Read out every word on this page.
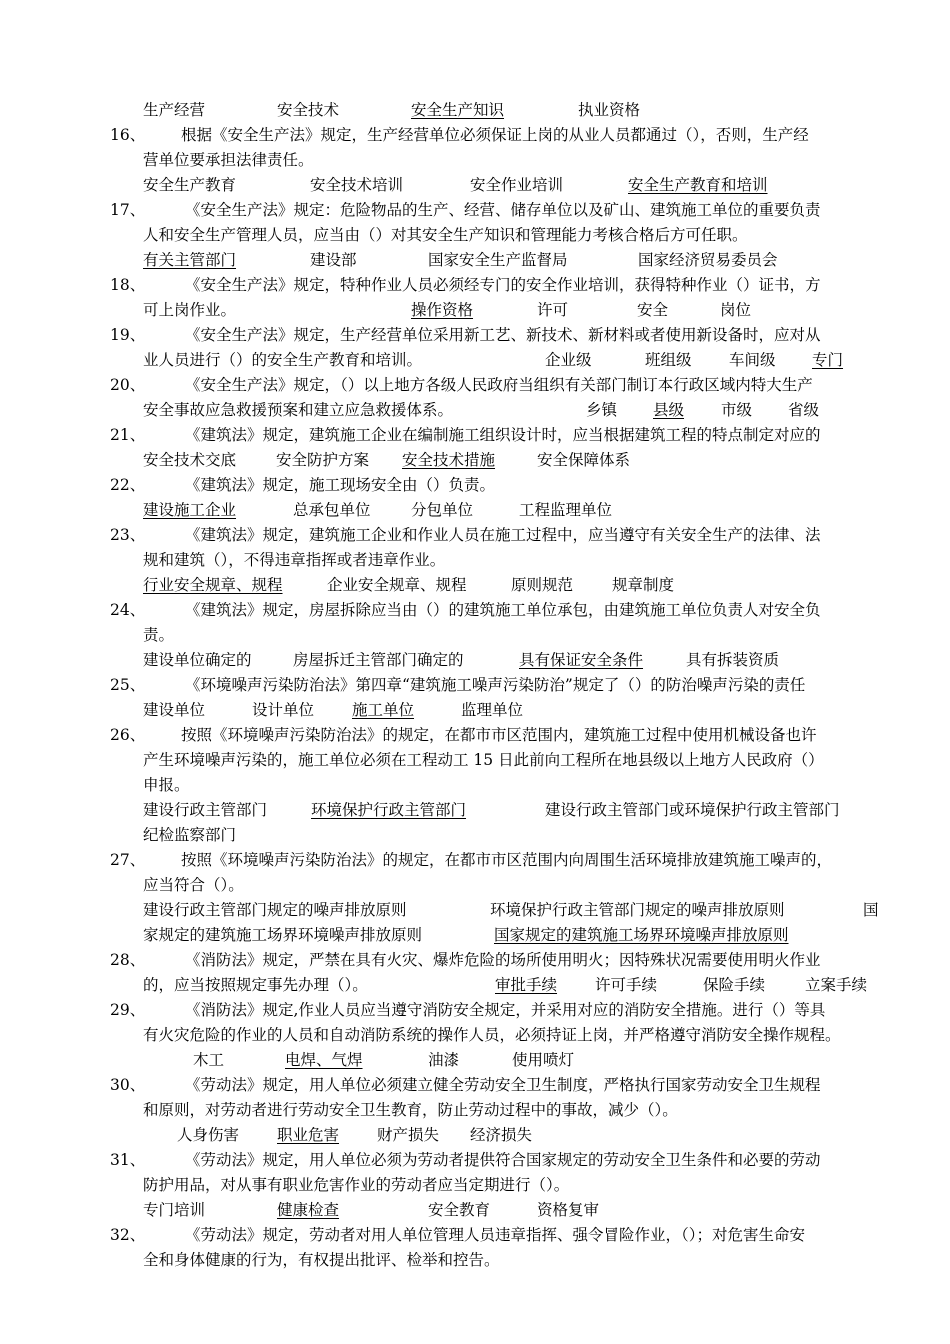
生产经营	安全技术	安全生产知识	执业资格
16、 根据《安全生产法》规定，生产经营单位必须保证上岗的从业人员都通过（），否则，生产经
营单位要承担法律责任。
安全生产教育	安全技术培训	安全作业培训	安全生产教育和培训
17、	《安全生产法》规定：危险物品的生产、经营、储存单位以及矿山、建筑施工单位的重要负责
人和安全生产管理人员，应当由（）对其安全生产知识和管理能力考核合格后方可任职。
有关主管部门	建设部	国家安全生产监督局	国家经济贸易委员会
18、	《安全生产法》规定，特种作业人员必须经专门的安全作业培训，获得特种作业（）证书，方
可上岗作业。	操作资格	许可	安全	岗位
19、	《安全生产法》规定，生产经营单位采用新工艺、新技术、新材料或者使用新设备时，应对从
业人员进行（）的安全生产教育和培训。	企业级	班组级 车间级 专门
20、	《安全生产法》规定，（）以上地方各级人民政府当组织有关部门制订本行政区域内特大生产
安全事故应急救援预案和建立应急救援体系。	乡镇 县级 市级 省级
21、	《建筑法》规定，建筑施工企业在编制施工组织设计时，应当根据建筑工程的特点制定对应的
安全技术交底	安全防护方案 安全技术措施	安全保障体系
22、	《建筑法》规定，施工现场安全由（）负责。
建设施工企业	总承包单位	分包单位	工程监理单位
23、	《建筑法》规定，建筑施工企业和作业人员在施工过程中，应当遵守有关安全生产的法律、法
规和建筑（），不得违章指挥或者违章作业。
行业安全规章、规程	企业安全规章、规程	原则规范	规章制度
24、	《建筑法》规定，房屋拆除应当由（）的建筑施工单位承包，由建筑施工单位负责人对安全负
责。
建设单位确定的	房屋拆迁主管部门确定的	具有保证安全条件	具有拆装资质
25、	《环境噪声污染防治法》第四章“建筑施工噪声污染防治”规定了（）的防治噪声污染的责任
建设单位	设计单位 施工单位	监理单位
26、 按照《环境噪声污染防治法》的规定，在都市市区范围内，建筑施工过程中使用机械设备也许
产生环境噪声污染的，施工单位必须在工程动工 15 日此前向工程所在地县级以上地方人民政府（）
申报。
建设行政主管部门	环境保护行政主管部门	建设行政主管部门或环境保护行政主管部门
纪检监察部门
27、 按照《环境噪声污染防治法》的规定，在都市市区范围内向周围生活环境排放建筑施工噪声的，
应当符合（）。
建设行政主管部门规定的噪声排放原则	环境保护行政主管部门规定的噪声排放原则	国
家规定的建筑施工场界环境噪声排放原则	国家规定的建筑施工场界环境噪声排放原则
28、	《消防法》规定，严禁在具有火灾、爆炸危险的场所使用明火；因特殊状况需要使用明火作业
的，应当按照规定事先办理（）。	审批手续 许可手续	保险手续	立案手续
29、	《消防法》规定,作业人员应当遵守消防安全规定，并采用对应的消防安全措施。进行（）等具
有火灾危险的作业的人员和自动消防系统的操作人员，必须持证上岗，并严格遵守消防安全操作规程。
木工	电焊、气焊	油漆	使用喷灯
30、	《劳动法》规定，用人单位必须建立健全劳动安全卫生制度，严格执行国家劳动安全卫生规程
和原则，对劳动者进行劳动安全卫生教育，防止劳动过程中的事故，减少（）。
人身伤害 职业危害 财产损失 经济损失
31、	《劳动法》规定，用人单位必须为劳动者提供符合国家规定的劳动安全卫生条件和必要的劳动
防护用品，对从事有职业危害作业的劳动者应当定期进行（）。
专门培训	健康检查	安全教育	资格复审
32、	《劳动法》规定，劳动者对用人单位管理人员违章指挥、强令冒险作业，（）；对危害生命安
全和身体健康的行为，有权提出批评、检举和控告。
